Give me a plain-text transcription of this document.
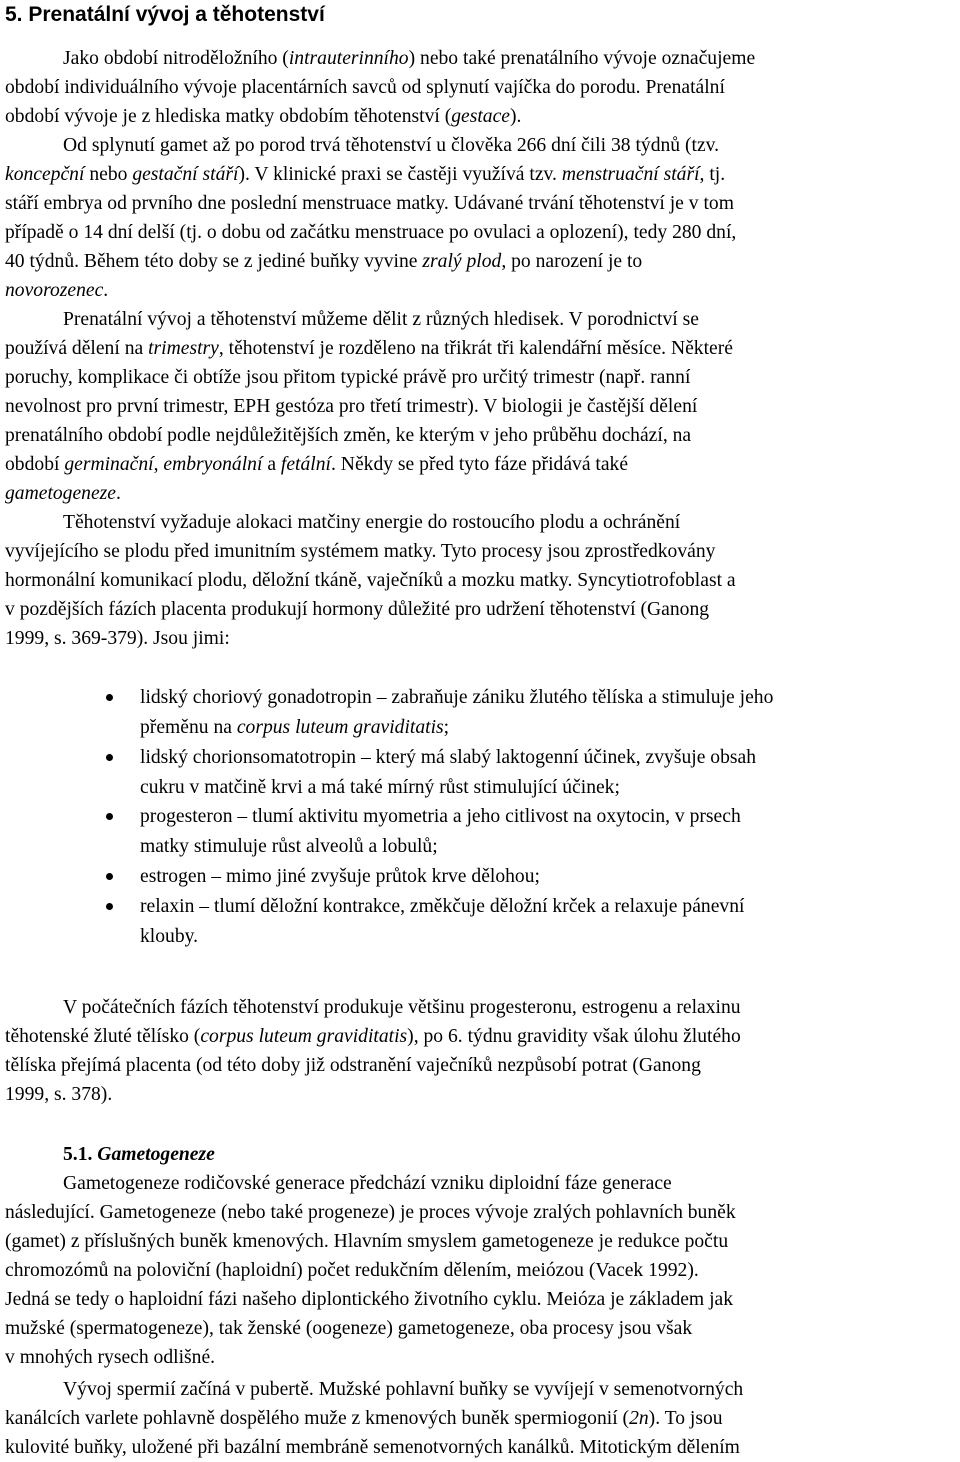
5. Prenatální vývoj a těhotenství
Jako období nitroděložního (intrauterinního) nebo také prenatálního vývoje označujeme
období individuálního vývoje placentárních savců od splynutí vajíčka do porodu. Prenatální
období vývoje je z hlediska matky obdobím těhotenství (gestace).
Od splynutí gamet až po porod trvá těhotenství u člověka 266 dní čili 38 týdnů (tzv.
koncepční nebo gestační stáří). V klinické praxi se častěji využívá tzv. menstruační stáří, tj.
stáří embrya od prvního dne poslední menstruace matky. Udávané trvání těhotenství je v tom
případě o 14 dní delší (tj. o dobu od začátku menstruace po ovulaci a oplození), tedy 280 dní,
40 týdnů. Během této doby se z jediné buňky vyvine zralý plod, po narození je to
novorozenec.
Prenatální vývoj a těhotenství můžeme dělit z různých hledisek. V porodnictví se
používá dělení na trimestry, těhotenství je rozděleno na třikrát tři kalendářní měsíce. Některé
poruchy, komplikace či obtíže jsou přitom typické právě pro určitý trimestr (např. ranní
nevolnost pro první trimestr, EPH gestóza pro třetí trimestr). V biologii je častější dělení
prenatálního období podle nejdůležitějších změn, ke kterým v jeho průběhu dochází, na
období germinační, embryonální a fetální. Někdy se před tyto fáze přidává také
gametogeneze.
Těhotenství vyžaduje alokaci matčiny energie do rostoucího plodu a ochránění
vyvíjejícího se plodu před imunitním systémem matky. Tyto procesy jsou zprostředkovány
hormonální komunikací plodu, děložní tkáně, vaječníků a mozku matky. Syncytiotrofoblast a
v pozdějších fázích placenta produkují hormony důležité pro udržení těhotenství (Ganong
1999, s. 369-379). Jsou jimi:
lidský choriový gonadotropin – zabraňuje zániku žlutého tělíska a stimuluje jeho
přeměnu na corpus luteum graviditatis;
lidský chorionsomatotropin – který má slabý laktogenní účinek, zvyšuje obsah
cukru v matčině krvi a má také mírný růst stimulující účinek;
progesteron – tlumí aktivitu myometria a jeho citlivost na oxytocin, v prsech
matky stimuluje růst alveolů a lobulů;
estrogen – mimo jiné zvyšuje průtok krve dělohou;
relaxin – tlumí děložní kontrakce, změkčuje děložní krček a relaxuje pánevní
klouby.
V počátečních fázích těhotenství produkuje většinu progesteronu, estrogenu a relaxinu
těhotenské žluté tělísko (corpus luteum graviditatis), po 6. týdnu gravidity však úlohu žlutého
tělíska přejímá placenta (od této doby již odstranění vaječníků nezpůsobí potrat (Ganong
1999, s. 378).
5.1. Gametogeneze
Gametogeneze rodičovské generace předchází vzniku diploidní fáze generace
následující. Gametogeneze (nebo také progeneze) je proces vývoje zralých pohlavních buněk
(gamet) z příslušných buněk kmenových. Hlavním smyslem gametogeneze je redukce počtu
chromozómů na poloviční (haploidní) počet redukčním dělením, meiózou (Vacek 1992).
Jedná se tedy o haploidní fázi našeho diplontického životního cyklu. Meióza je základem jak
mužské (spermatogeneze), tak ženské (oogeneze) gametogeneze, oba procesy jsou však
v mnohých rysech odlišné.
Vývoj spermií začíná v pubertě. Mužské pohlavní buňky se vyvíjejí v semenotvorných
kanálcích varlete pohlavně dospělého muže z kmenových buněk spermiogonií (2n). To jsou
kulovité buňky, uložené při bazální membráně semenotvorných kanálků. Mitotickým dělením
